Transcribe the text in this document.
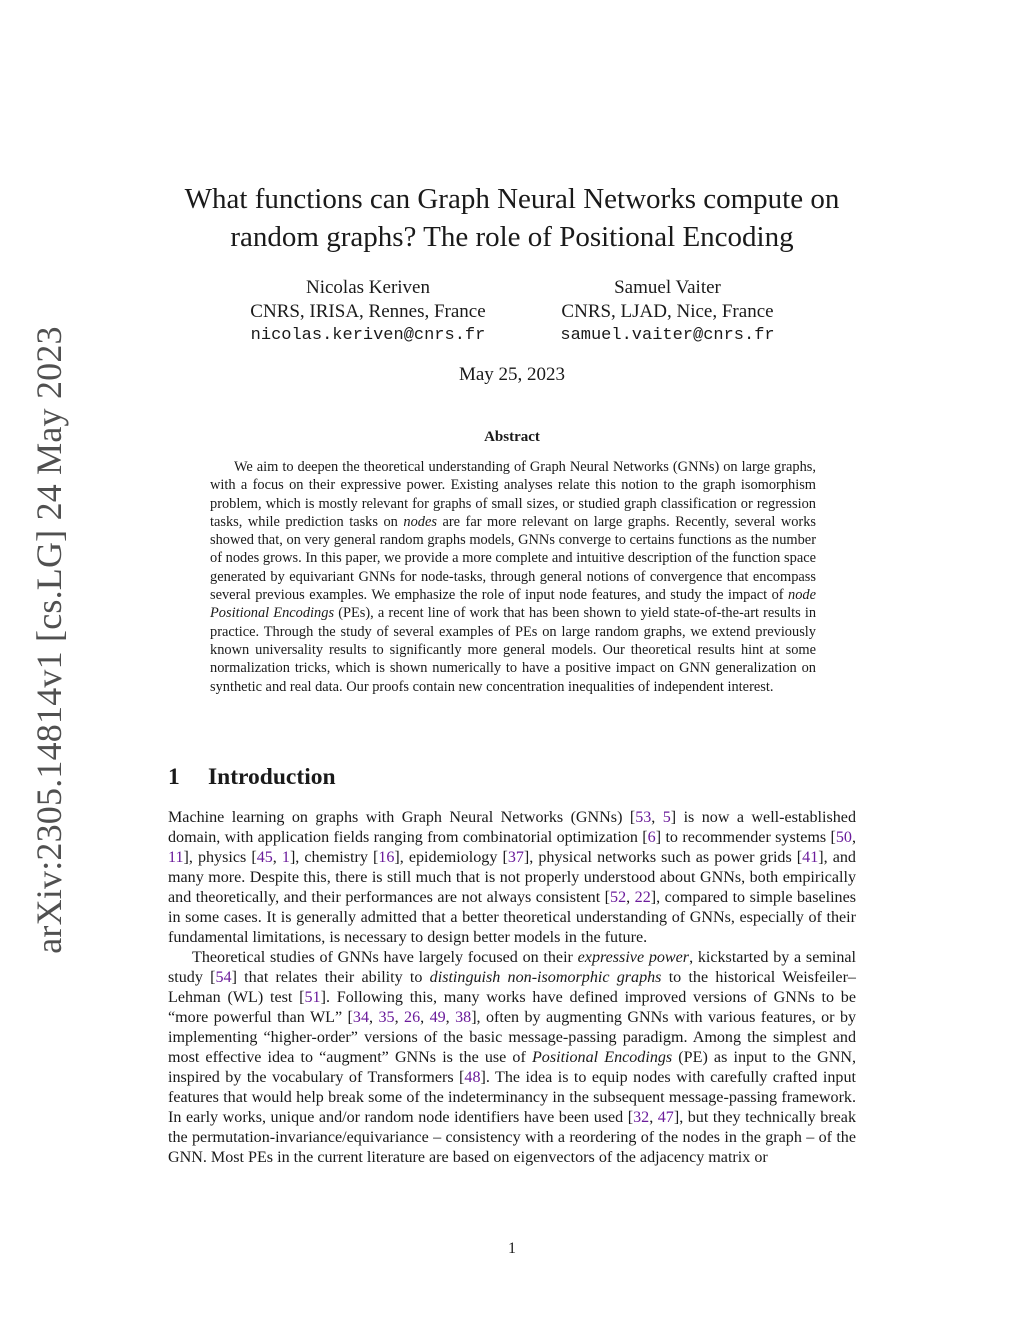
arXiv:2305.14814v1 [cs.LG] 24 May 2023
What functions can Graph Neural Networks compute on
random graphs? The role of Positional Encoding
Nicolas Keriven
CNRS, IRISA, Rennes, France
nicolas.keriven@cnrs.fr
Samuel Vaiter
CNRS, LJAD, Nice, France
samuel.vaiter@cnrs.fr
May 25, 2023
Abstract

We aim to deepen the theoretical understanding of Graph Neural Networks (GNNs) on large graphs, with a focus on their expressive power. Existing analyses relate this notion to the graph isomorphism problem, which is mostly relevant for graphs of small sizes, or studied graph classification or regression tasks, while prediction tasks on nodes are far more relevant on large graphs. Recently, several works showed that, on very general random graphs models, GNNs converge to certains functions as the number of nodes grows. In this paper, we provide a more complete and intuitive description of the function space generated by equivariant GNNs for node-tasks, through general notions of convergence that encompass several previous examples. We emphasize the role of input node features, and study the impact of node Positional Encodings (PEs), a recent line of work that has been shown to yield state-of-the-art results in practice. Through the study of several examples of PEs on large random graphs, we extend previously known universality results to significantly more general models. Our theoretical results hint at some normalization tricks, which is shown numerically to have a positive impact on GNN generalization on synthetic and real data. Our proofs contain new concentration inequalities of independent interest.

1 Introduction

Machine learning on graphs with Graph Neural Networks (GNNs) [53, 5] is now a well-established domain, with application fields ranging from combinatorial optimization [6] to recommender systems [50, 11], physics [45, 1], chemistry [16], epidemiology [37], physical networks such as power grids [41], and many more. Despite this, there is still much that is not properly understood about GNNs, both empirically and theoretically, and their performances are not always consistent [52, 22], compared to simple baselines in some cases. It is generally admitted that a better theoretical understanding of GNNs, especially of their fundamental limitations, is necessary to design better models in the future.

Theoretical studies of GNNs have largely focused on their expressive power, kickstarted by a seminal study [54] that relates their ability to distinguish non-isomorphic graphs to the historical Weisfeiler–Lehman (WL) test [51]. Following this, many works have defined improved versions of GNNs to be “more powerful than WL” [34, 35, 26, 49, 38], often by augmenting GNNs with various features, or by implementing “higher-order” versions of the basic message-passing paradigm. Among the simplest and most effective idea to “augment” GNNs is the use of Positional Encodings (PE) as input to the GNN, inspired by the vocabulary of Transformers [48]. The idea is to equip nodes with carefully crafted input features that would help break some of the indeterminancy in the subsequent message-passing framework. In early works, unique and/or random node identifiers have been used [32, 47], but they technically break the permutation-invariance/equivariance – consistency with a reordering of the nodes in the graph – of the GNN. Most PEs in the current literature are based on eigenvectors of the adjacency matrix or

1
